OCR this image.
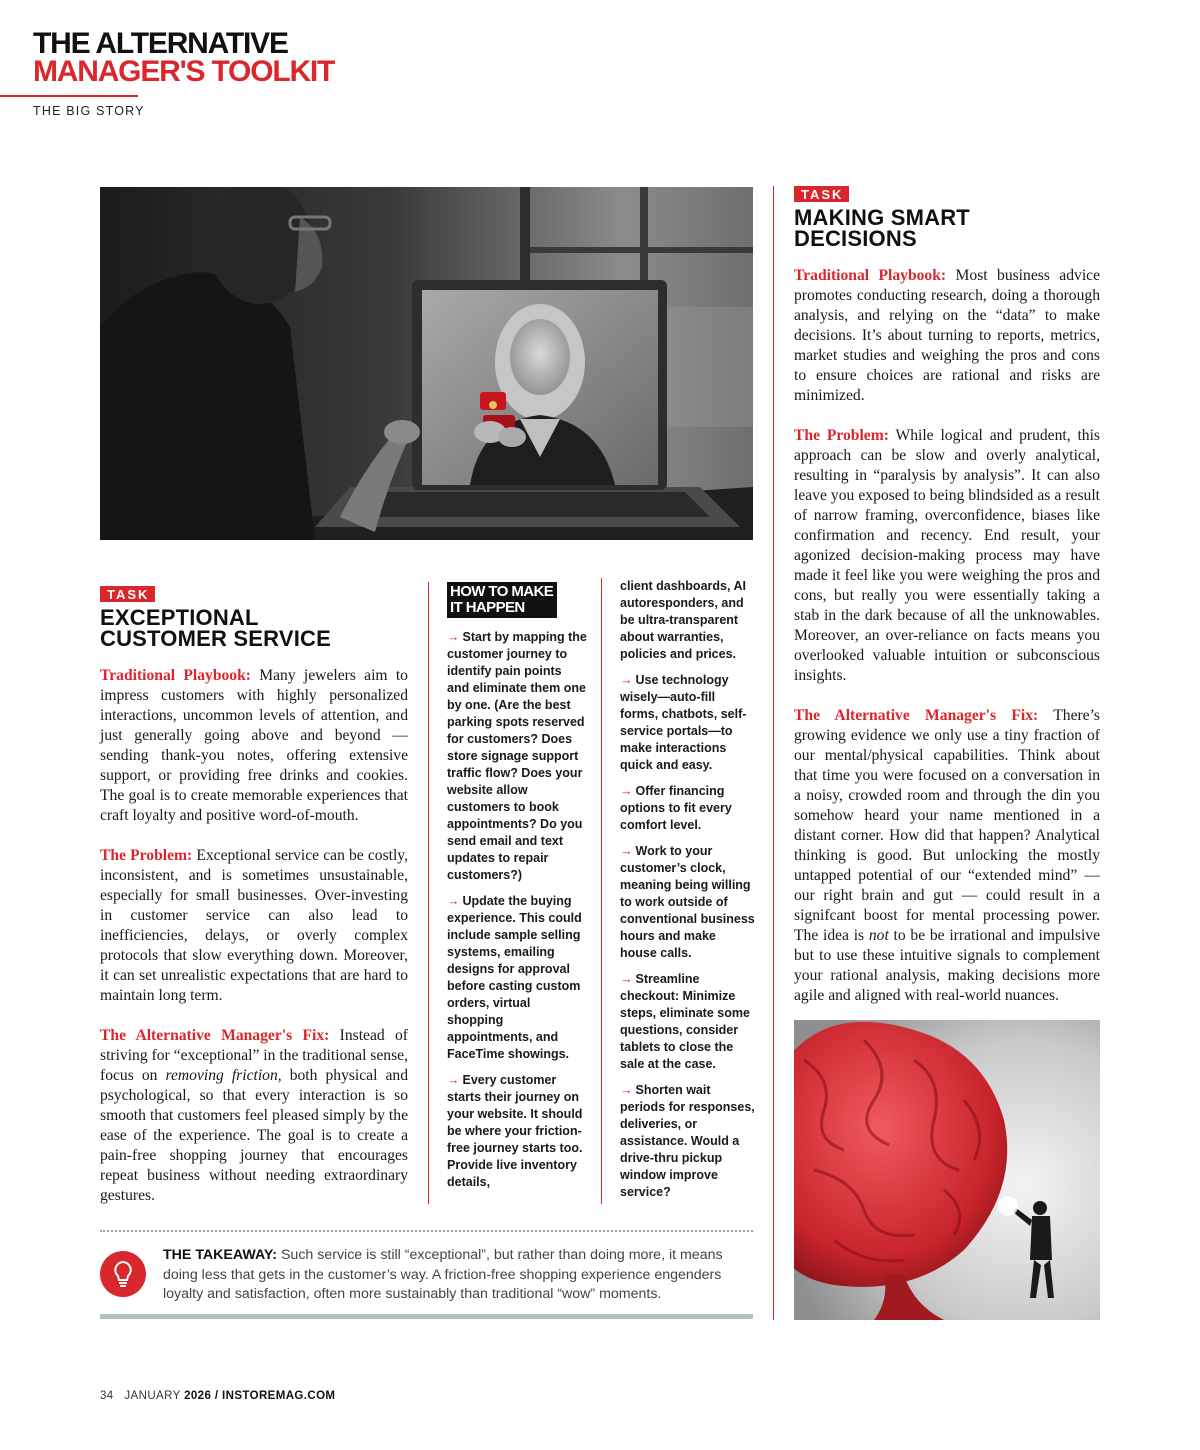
THE ALTERNATIVE
MANAGER'S TOOLKIT
THE BIG STORY
TASK
EXCEPTIONAL
CUSTOMER SERVICE

Traditional Playbook: Many jewelers aim to impress customers with highly personalized interactions, uncommon levels of attention, and just generally going above and beyond — sending thank-you notes, offering extensive support, or providing free drinks and cookies. The goal is to create memorable experiences that craft loyalty and positive word-of-mouth.

The Problem: Exceptional service can be costly, inconsistent, and is sometimes unsustainable, especially for small businesses. Over-investing in customer service can also lead to inefficiencies, delays, or overly complex protocols that slow everything down. Moreover, it can set unrealistic expectations that are hard to maintain long term.

The Alternative Manager's Fix: Instead of striving for “exceptional” in the traditional sense, focus on removing friction, both physical and psychological, so that every interaction is so smooth that customers feel pleased simply by the ease of the experience. The goal is to create a pain-free shopping journey that encourages repeat business without needing extraordinary gestures.

HOW TO MAKE
IT HAPPEN

→ Start by mapping the customer journey to identify pain points and eliminate them one by one. (Are the best parking spots reserved for customers? Does store signage support traffic flow? Does your website allow customers to book appointments? Do you send email and text updates to repair customers?)

→ Update the buying experience. This could include sample selling systems, emailing designs for approval before casting custom orders, virtual shopping appointments, and FaceTime showings.

→ Every customer starts their journey on your website. It should be where your friction-free journey starts too. Provide live inventory details,

client dashboards, AI autoresponders, and be ultra-transparent about warranties, policies and prices.

→ Use technology wisely—auto-fill forms, chatbots, self-service portals—to make interactions quick and easy.

→ Offer financing options to fit every comfort level.

→ Work to your customer’s clock, meaning being willing to work outside of conventional business hours and make house calls.

→ Streamline checkout: Minimize steps, eliminate some questions, consider tablets to close the sale at the case.

→ Shorten wait periods for responses, deliveries, or assistance. Would a drive-thru pickup window improve service?

TASK
MAKING SMART
DECISIONS

Traditional Playbook: Most business advice promotes conducting research, doing a thorough analysis, and relying on the “data” to make decisions. It’s about turning to reports, metrics, market studies and weighing the pros and cons to ensure choices are rational and risks are minimized.

The Problem: While logical and prudent, this approach can be slow and overly analytical, resulting in “paralysis by analysis”. It can also leave you exposed to being blindsided as a result of narrow framing, overconfidence, biases like confirmation and recency. End result, your agonized decision-making process may have made it feel like you were weighing the pros and cons, but really you were essentially taking a stab in the dark because of all the unknowables. Moreover, an over-reliance on facts means you overlooked valuable intuition or subconscious insights.

The Alternative Manager's Fix: There’s growing evidence we only use a tiny fraction of our mental/physical capabilities. Think about that time you were focused on a conversation in a noisy, crowded room and through the din you somehow heard your name mentioned in a distant corner. How did that happen? Analytical thinking is good. But unlocking the mostly untapped potential of our “extended mind” — our right brain and gut — could result in a signifcant boost for mental processing power. The idea is not to be be irrational and impulsive but to use these intuitive signals to complement your rational analysis, making decisions more agile and aligned with real-world nuances.

THE TAKEAWAY: Such service is still “exceptional”, but rather than doing more, it means doing less that gets in the customer’s way. A friction-free shopping experience engenders loyalty and satisfaction, often more sustainably than traditional “wow” moments.

34 JANUARY 2026 / INSTOREMAG.COM
